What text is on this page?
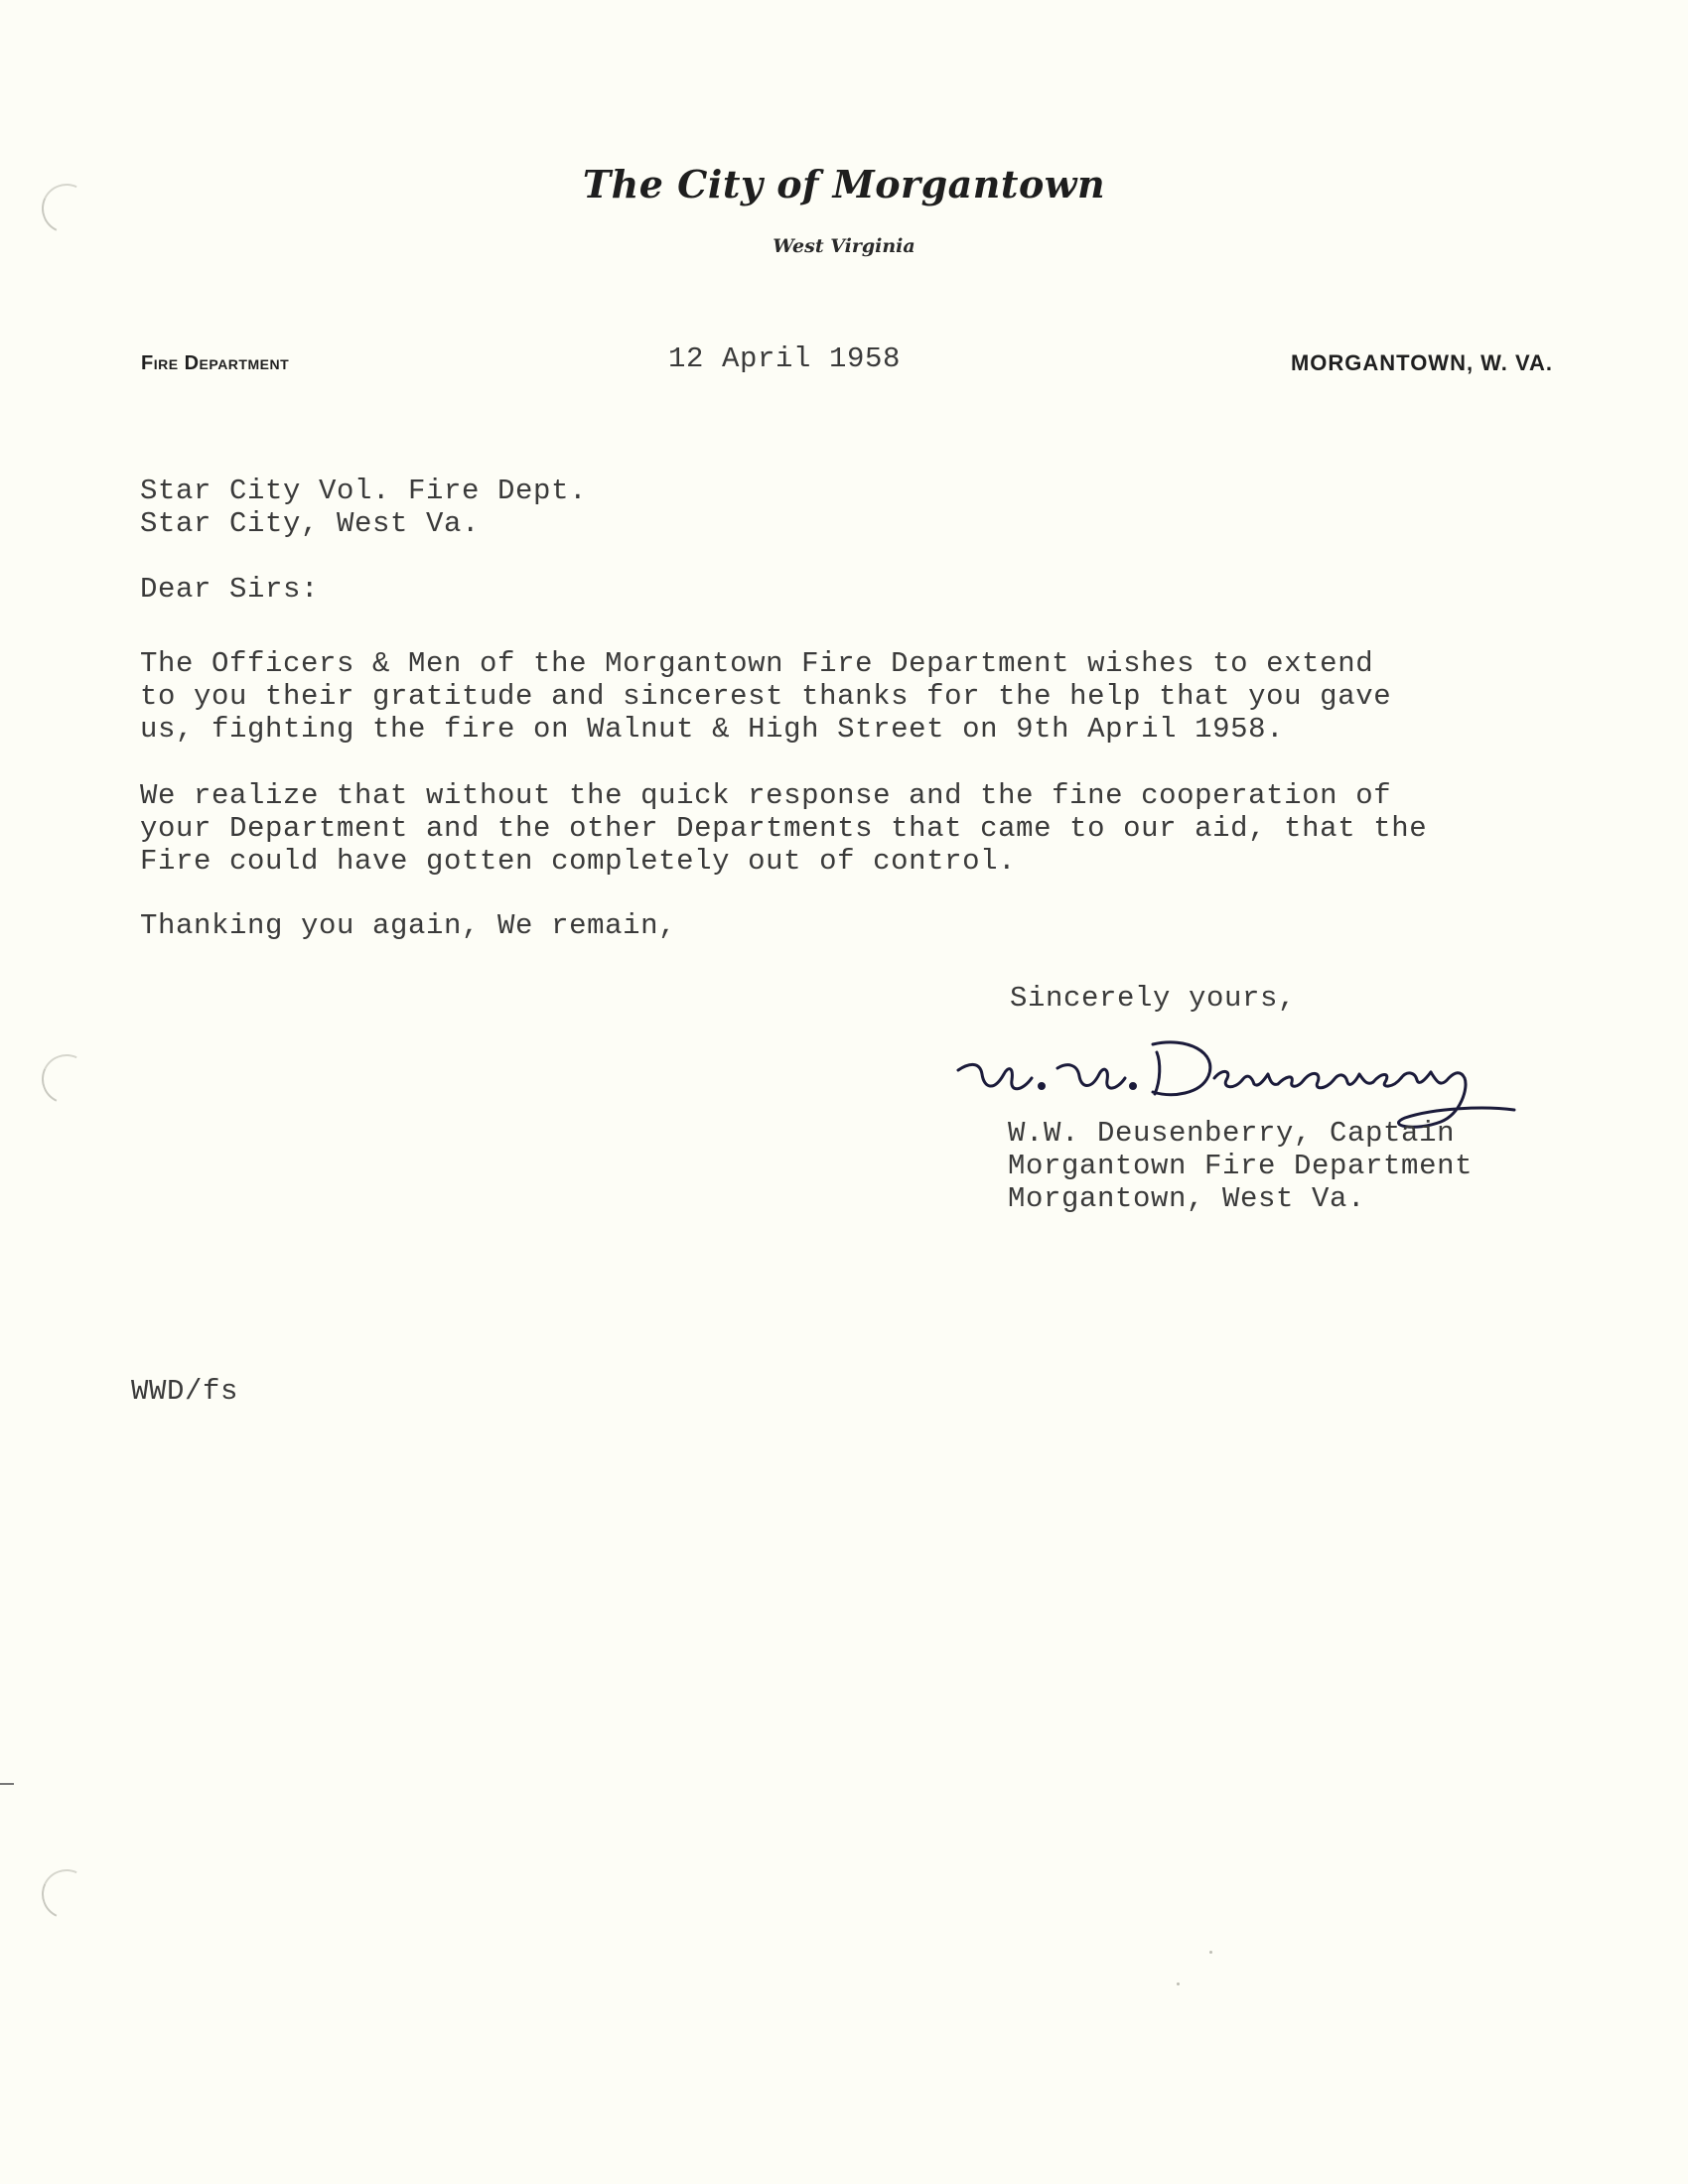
The City of Morgantown
West Virginia
Fire Department	MORGANTOWN, W. VA.
12 April 1958
Star City Vol. Fire Dept.
Star City, West Va.
Dear Sirs:
The Officers & Men of the Morgantown Fire Department wishes to extend
to you their gratitude and sincerest thanks for the help that you gave
us, fighting the fire on Walnut & High Street on 9th April 1958.
We realize that without the quick response and the fine cooperation of
your Department and the other Departments that came to our aid, that the
Fire could have gotten completely out of control.
Thanking you again, We remain,
Sincerely yours,
W.W. Deusenberry, Captain
Morgantown Fire Department
Morgantown, West Va.
WWD/fs
